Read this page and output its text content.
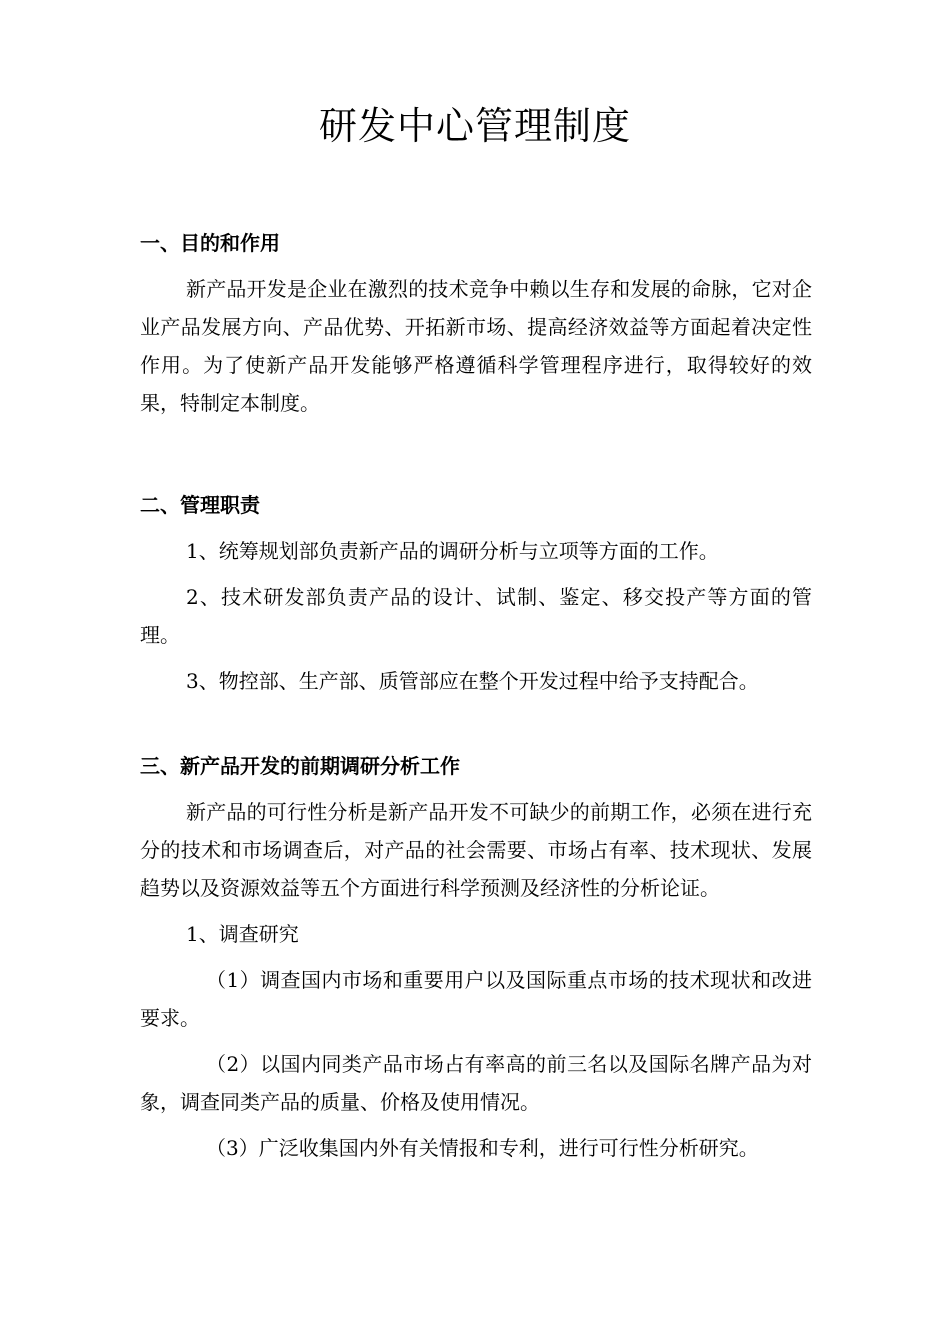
研发中心管理制度
一、目的和作用

新产品开发是企业在激烈的技术竞争中赖以生存和发展的命脉，它对企业产品发展方向、产品优势、开拓新市场、提高经济效益等方面起着决定性作用。为了使新产品开发能够严格遵循科学管理程序进行，取得较好的效果，特制定本制度。

二、管理职责

1、统筹规划部负责新产品的调研分析与立项等方面的工作。

2、技术研发部负责产品的设计、试制、鉴定、移交投产等方面的管理。

3、物控部、生产部、质管部应在整个开发过程中给予支持配合。

三、新产品开发的前期调研分析工作

新产品的可行性分析是新产品开发不可缺少的前期工作，必须在进行充分的技术和市场调查后，对产品的社会需要、市场占有率、技术现状、发展趋势以及资源效益等五个方面进行科学预测及经济性的分析论证。

1、调查研究

（1）调查国内市场和重要用户以及国际重点市场的技术现状和改进要求。

（2）以国内同类产品市场占有率高的前三名以及国际名牌产品为对象，调查同类产品的质量、价格及使用情况。

（3）广泛收集国内外有关情报和专利，进行可行性分析研究。
